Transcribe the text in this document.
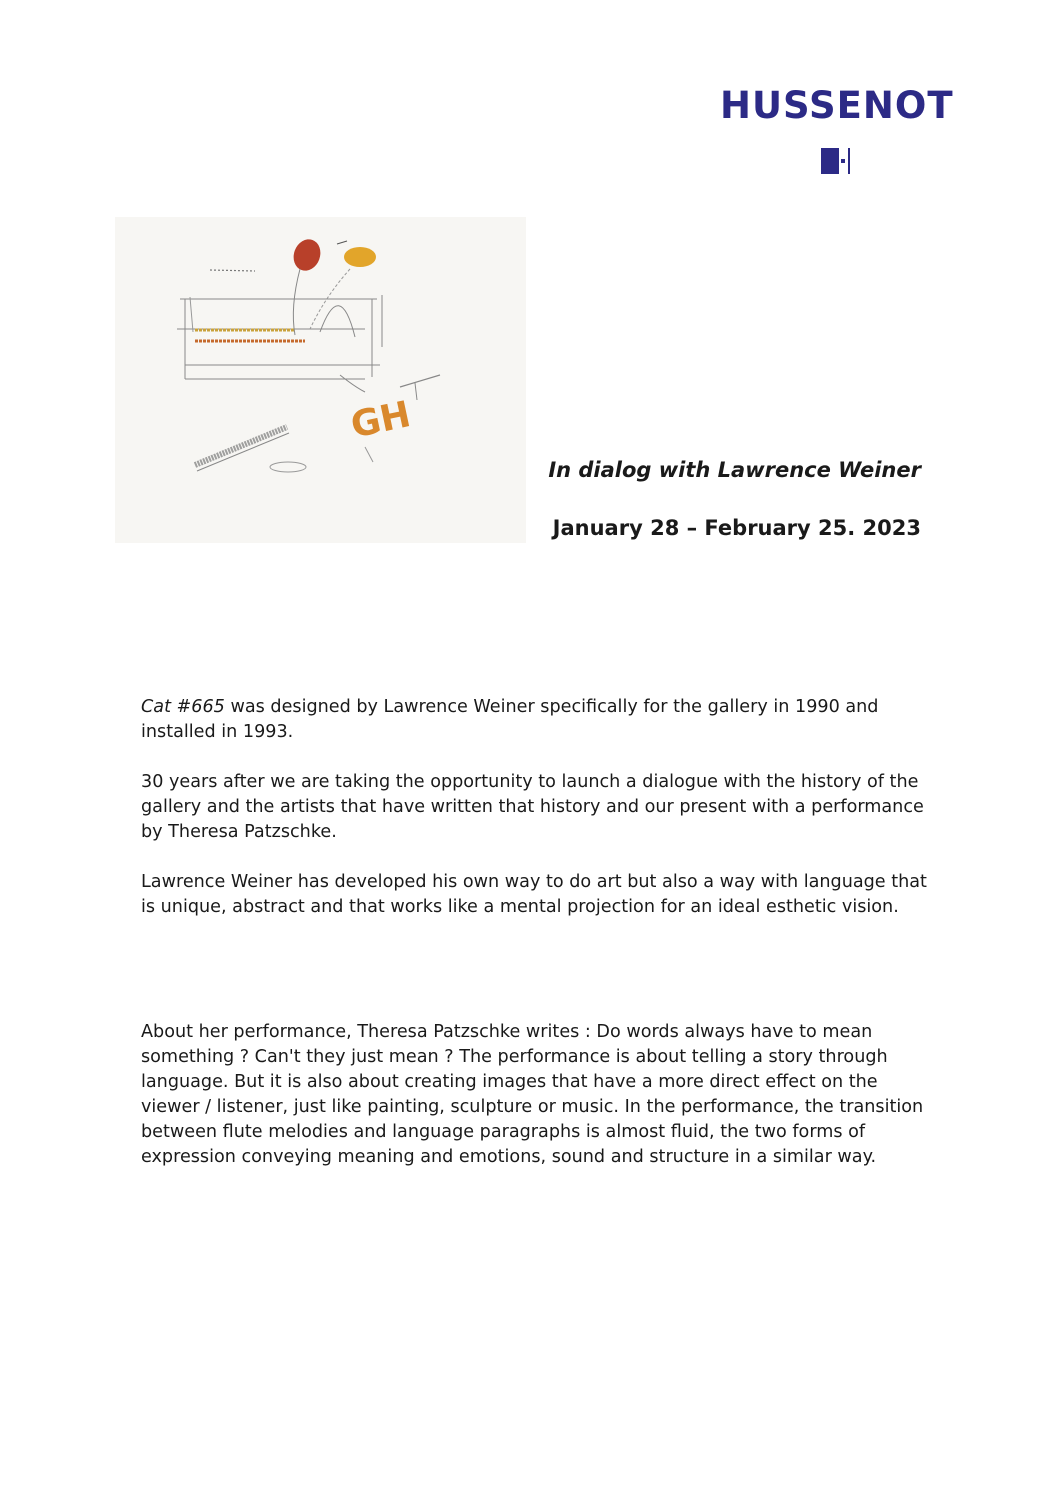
HUSSENOT
GH
In dialog with Lawrence Weiner
January 28 – February 25. 2023

Cat #665 was designed by Lawrence Weiner specifically for the gallery in 1990 and installed in 1993.

30 years after we are taking the opportunity to launch a dialogue with the history of the gallery and the artists that have written that history and our present with a performance by Theresa Patzschke.

Lawrence Weiner has developed his own way to do art but also a way with language that is unique, abstract and that works like a mental projection for an ideal esthetic vision.

About her performance, Theresa Patzschke writes : Do words always have to mean something ? Can't they just mean ? The performance is about telling a story through language. But it is also about creating images that have a more direct effect on the viewer / listener, just like painting, sculpture or music. In the performance, the transition between flute melodies and language paragraphs is almost fluid, the two forms of expression conveying meaning and emotions, sound and structure in a similar way.
